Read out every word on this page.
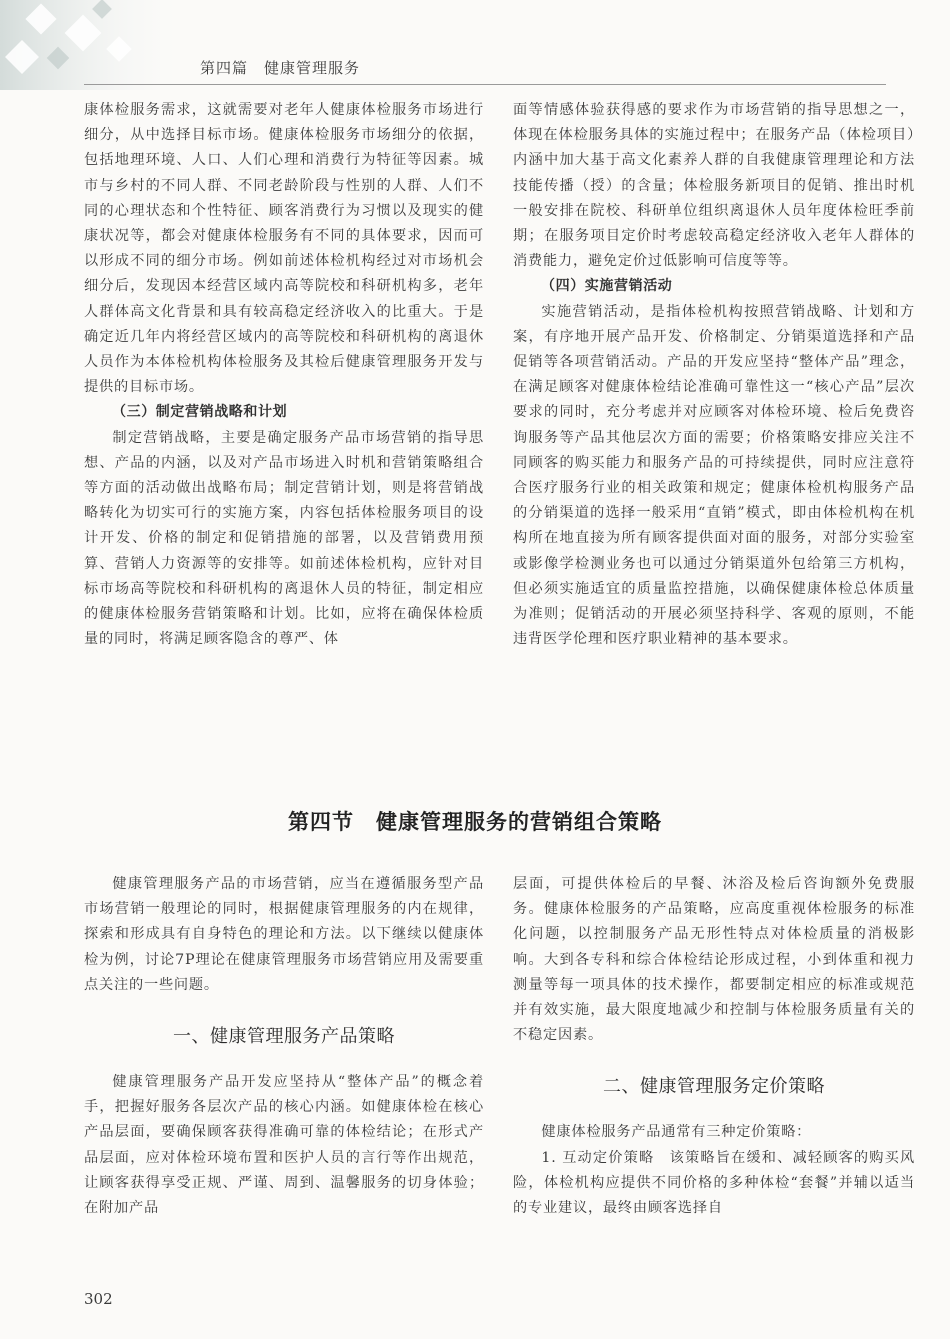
第四篇　健康管理服务

康体检服务需求，这就需要对老年人健康体检服务市场进行细分，从中选择目标市场。健康体检服务市场细分的依据，包括地理环境、人口、人们心理和消费行为特征等因素。城市与乡村的不同人群、不同老龄阶段与性别的人群、人们不同的心理状态和个性特征、顾客消费行为习惯以及现实的健康状况等，都会对健康体检服务有不同的具体要求，因而可以形成不同的细分市场。例如前述体检机构经过对市场机会细分后，发现因本经营区域内高等院校和科研机构多，老年人群体高文化背景和具有较高稳定经济收入的比重大。于是确定近几年内将经营区域内的高等院校和科研机构的离退休人员作为本体检机构体检服务及其检后健康管理服务开发与提供的目标市场。

（三）制定营销战略和计划

制定营销战略，主要是确定服务产品市场营销的指导思想、产品的内涵，以及对产品市场进入时机和营销策略组合等方面的活动做出战略布局；制定营销计划，则是将营销战略转化为切实可行的实施方案，内容包括体检服务项目的设计开发、价格的制定和促销措施的部署，以及营销费用预算、营销人力资源等的安排等。如前述体检机构，应针对目标市场高等院校和科研机构的离退休人员的特征，制定相应的健康体检服务营销策略和计划。比如，应将在确保体检质量的同时，将满足顾客隐含的尊严、体

面等情感体验获得感的要求作为市场营销的指导思想之一，体现在体检服务具体的实施过程中；在服务产品（体检项目）内涵中加大基于高文化素养人群的自我健康管理理论和方法技能传播（授）的含量；体检服务新项目的促销、推出时机一般安排在院校、科研单位组织离退休人员年度体检旺季前期；在服务项目定价时考虑较高稳定经济收入老年人群体的消费能力，避免定价过低影响可信度等等。

（四）实施营销活动

实施营销活动，是指体检机构按照营销战略、计划和方案，有序地开展产品开发、价格制定、分销渠道选择和产品促销等各项营销活动。产品的开发应坚持“整体产品”理念，在满足顾客对健康体检结论准确可靠性这一“核心产品”层次要求的同时，充分考虑并对应顾客对体检环境、检后免费咨询服务等产品其他层次方面的需要；价格策略安排应关注不同顾客的购买能力和服务产品的可持续提供，同时应注意符合医疗服务行业的相关政策和规定；健康体检机构服务产品的分销渠道的选择一般采用“直销”模式，即由体检机构在机构所在地直接为所有顾客提供面对面的服务，对部分实验室或影像学检测业务也可以通过分销渠道外包给第三方机构，但必须实施适宜的质量监控措施，以确保健康体检总体质量为准则；促销活动的开展必须坚持科学、客观的原则，不能违背医学伦理和医疗职业精神的基本要求。

第四节　健康管理服务的营销组合策略

健康管理服务产品的市场营销，应当在遵循服务型产品市场营销一般理论的同时，根据健康管理服务的内在规律，探索和形成具有自身特色的理论和方法。以下继续以健康体检为例，讨论7P理论在健康管理服务市场营销应用及需要重点关注的一些问题。

一、健康管理服务产品策略

健康管理服务产品开发应坚持从“整体产品”的概念着手，把握好服务各层次产品的核心内涵。如健康体检在核心产品层面，要确保顾客获得准确可靠的体检结论；在形式产品层面，应对体检环境布置和医护人员的言行等作出规范，让顾客获得享受正规、严谨、周到、温馨服务的切身体验；在附加产品

层面，可提供体检后的早餐、沐浴及检后咨询额外免费服务。健康体检服务的产品策略，应高度重视体检服务的标准化问题，以控制服务产品无形性特点对体检质量的消极影响。大到各专科和综合体检结论形成过程，小到体重和视力测量等每一项具体的技术操作，都要制定相应的标准或规范并有效实施，最大限度地减少和控制与体检服务质量有关的不稳定因素。

二、健康管理服务定价策略

健康体检服务产品通常有三种定价策略：

1. 互动定价策略　该策略旨在缓和、减轻顾客的购买风险，体检机构应提供不同价格的多种体检“套餐”并辅以适当的专业建议，最终由顾客选择自

302
